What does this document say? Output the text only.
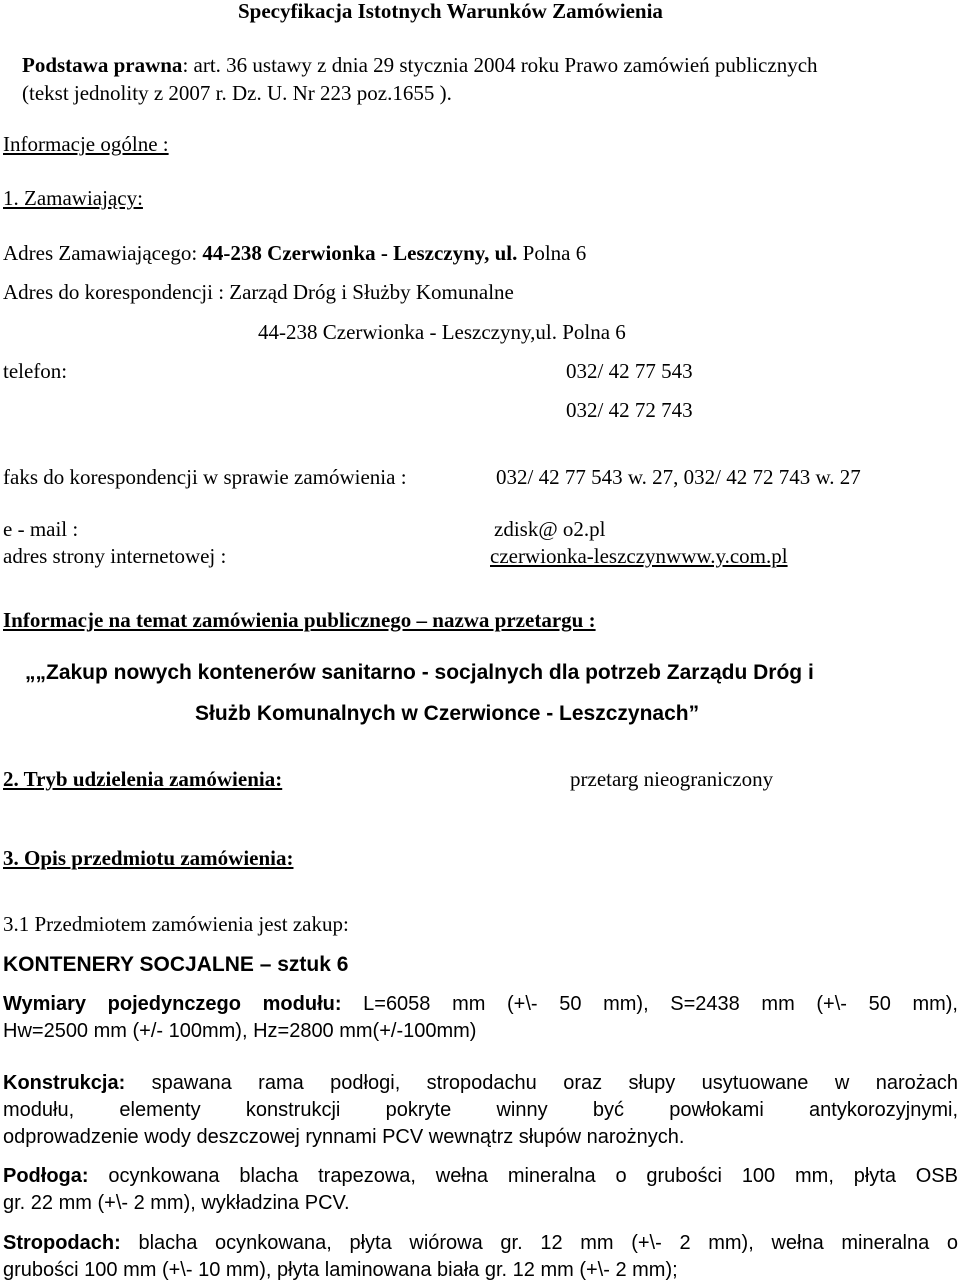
Specyfikacja Istotnych Warunków Zamówienia
Podstawa prawna: art. 36 ustawy z dnia 29 stycznia 2004 roku Prawo zamówień publicznych
(tekst jednolity z 2007 r. Dz. U. Nr 223 poz.1655 ).
Informacje ogólne :
1. Zamawiający:
Adres Zamawiającego: 44-238 Czerwionka - Leszczyny, ul. Polna 6
Adres do korespondencji : Zarząd Dróg i Służby Komunalne
44-238 Czerwionka - Leszczyny,ul. Polna 6
telefon:	032/ 42 77 543
032/ 42 72 743
faks do korespondencji w sprawie zamówienia :	032/ 42 77 543 w. 27, 032/ 42 72 743 w. 27
e - mail :	zdisk@ o2.pl
adres strony internetowej :	czerwionka-leszczynwww.y.com.pl
Informacje na temat zamówienia publicznego – nazwa przetargu :
„„Zakup nowych kontenerów sanitarno - socjalnych dla potrzeb Zarządu Dróg i
Służb Komunalnych w Czerwionce - Leszczynach”
2. Tryb udzielenia zamówienia:	przetarg nieograniczony
3. Opis przedmiotu zamówienia:
3.1 Przedmiotem zamówienia jest zakup:
KONTENERY SOCJALNE – sztuk 6
Wymiary pojedynczego modułu: L=6058 mm (+\- 50 mm), S=2438 mm (+\- 50 mm),
Hw=2500 mm (+/- 100mm), Hz=2800 mm(+/-100mm)
Konstrukcja: spawana rama podłogi, stropodachu oraz słupy usytuowane w narożach
modułu, elementy konstrukcji pokryte winny być powłokami antykorozyjnymi,
odprowadzenie wody deszczowej rynnami PCV wewnątrz słupów narożnych.
Podłoga: ocynkowana blacha trapezowa, wełna mineralna o grubości 100 mm, płyta OSB
gr. 22 mm (+\- 2 mm), wykładzina PCV.
Stropodach: blacha ocynkowana, płyta wiórowa gr. 12 mm (+\- 2 mm), wełna mineralna o
grubości 100 mm (+\- 10 mm), płyta laminowana biała gr. 12 mm (+\- 2 mm);
